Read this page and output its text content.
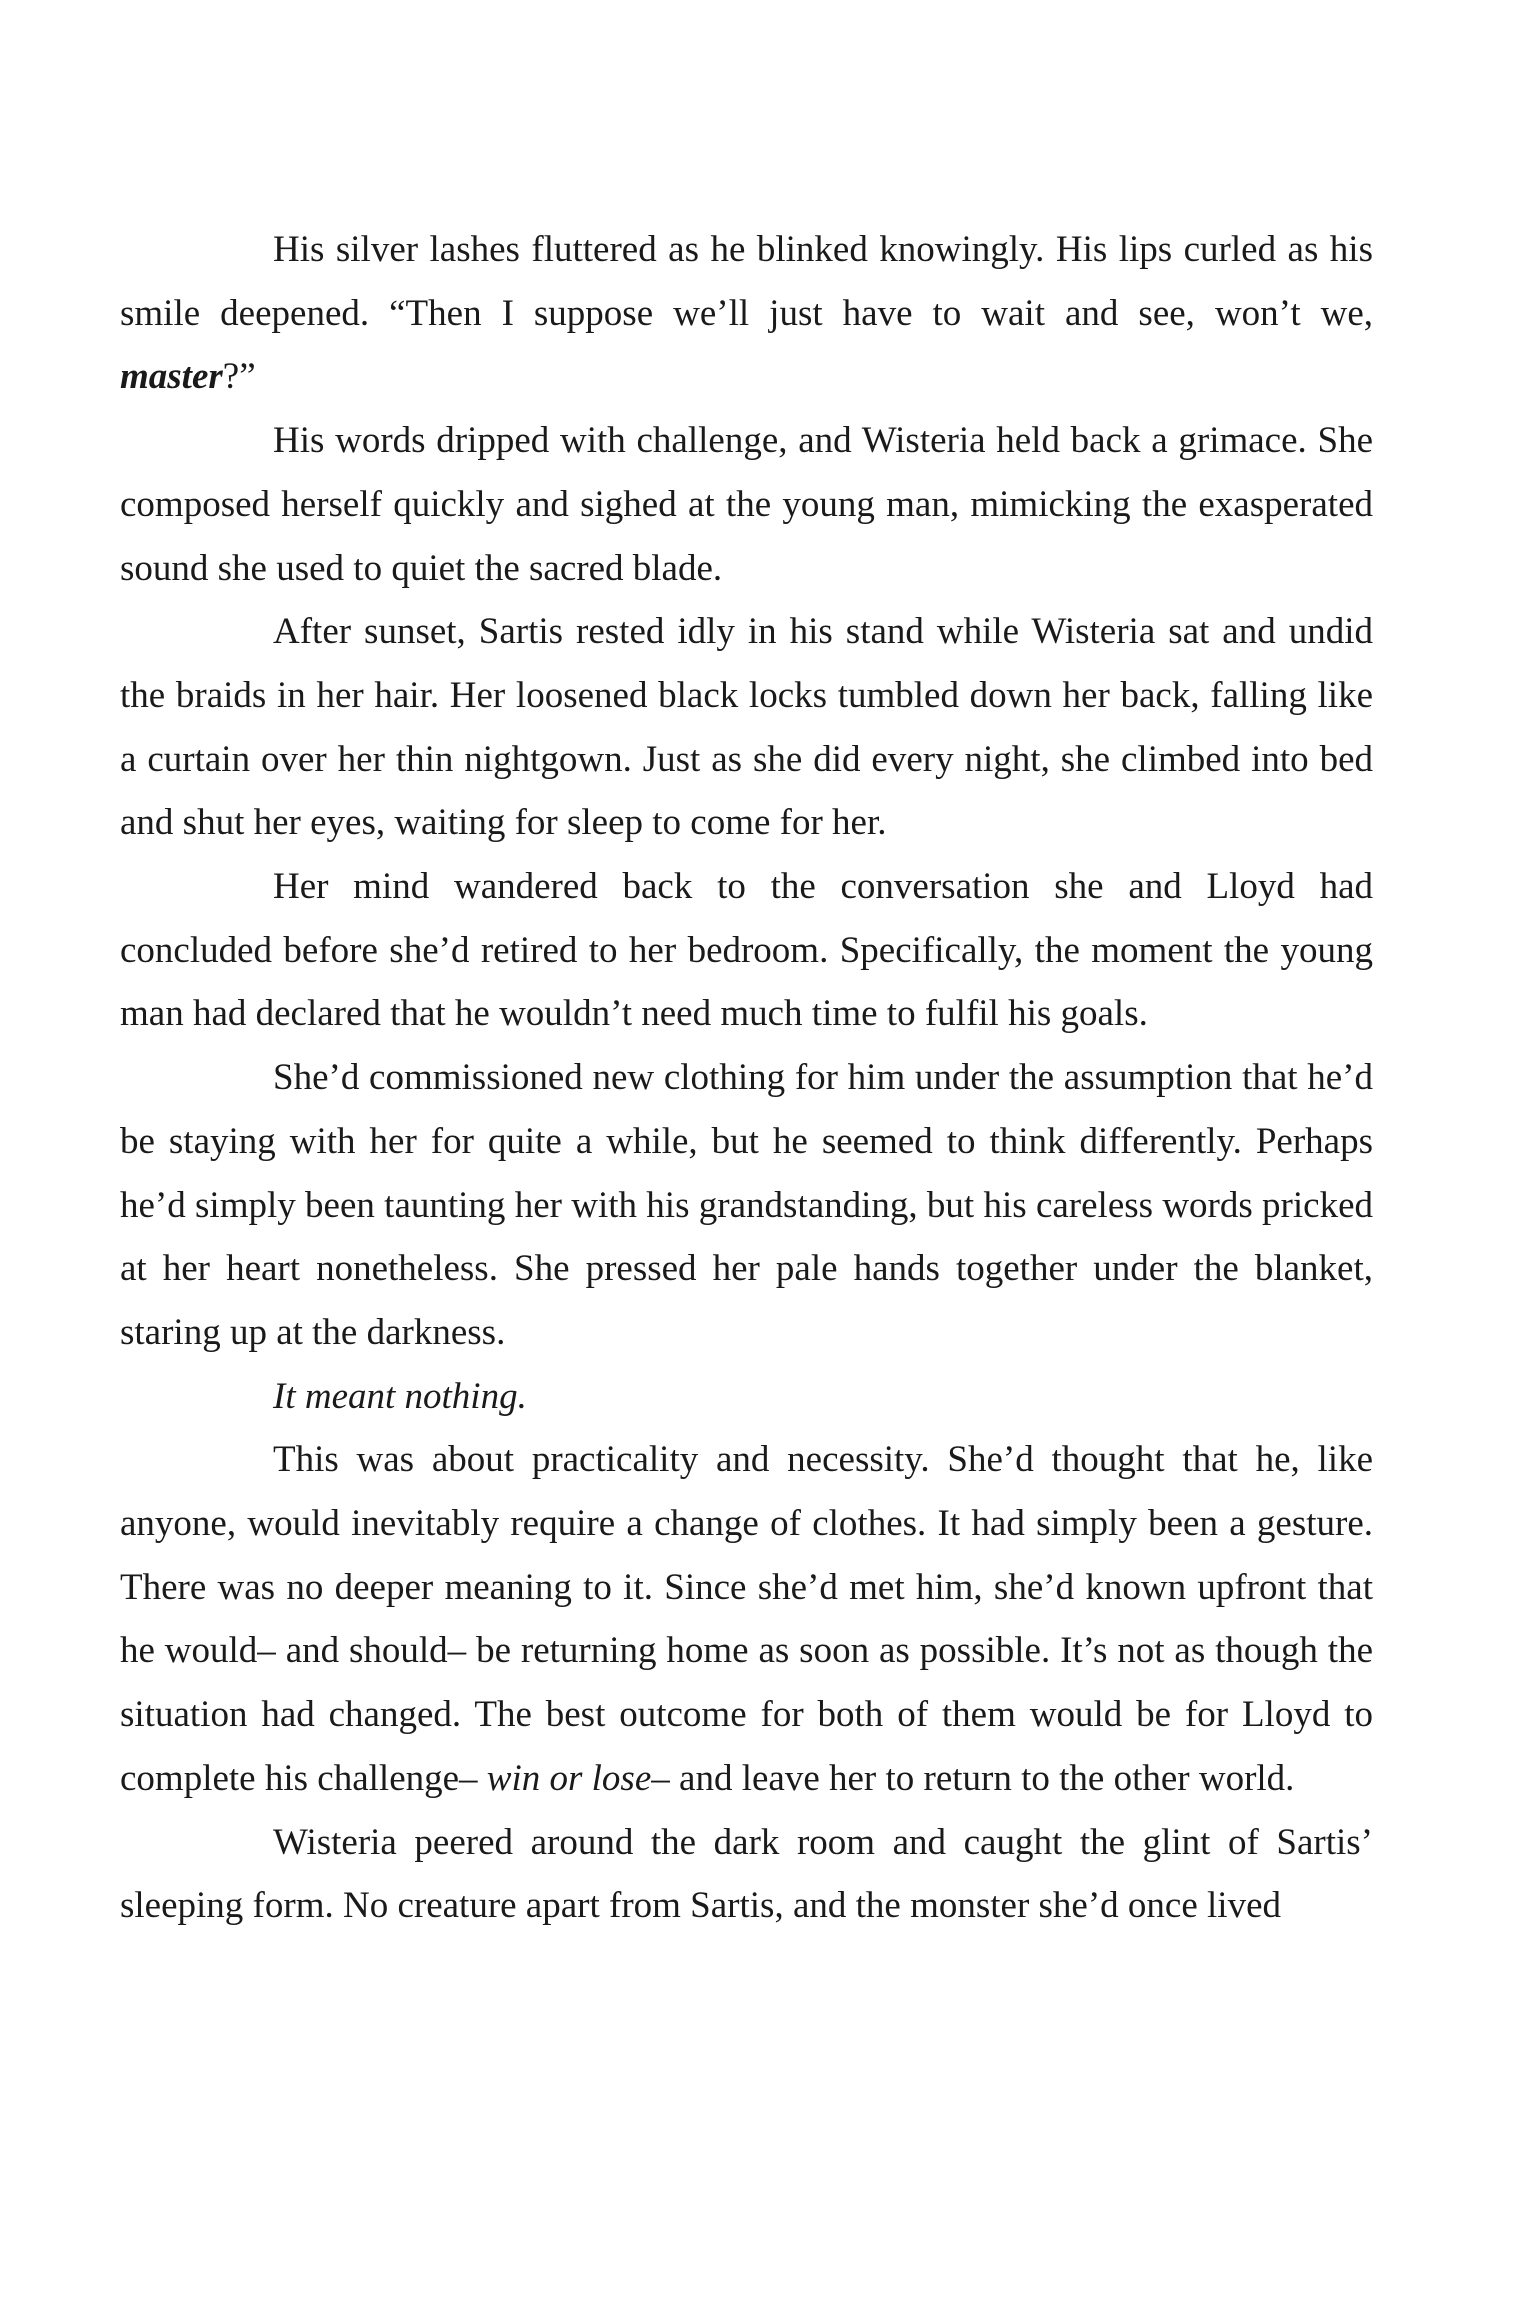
His silver lashes fluttered as he blinked knowingly. His lips curled as his smile deepened. “Then I suppose we’ll just have to wait and see, won’t we, master?”

His words dripped with challenge, and Wisteria held back a grimace. She composed herself quickly and sighed at the young man, mimicking the exasperated sound she used to quiet the sacred blade.

After sunset, Sartis rested idly in his stand while Wisteria sat and undid the braids in her hair. Her loosened black locks tumbled down her back, falling like a curtain over her thin nightgown. Just as she did every night, she climbed into bed and shut her eyes, waiting for sleep to come for her.

Her mind wandered back to the conversation she and Lloyd had concluded before she’d retired to her bedroom. Specifically, the moment the young man had declared that he wouldn’t need much time to fulfil his goals.

She’d commissioned new clothing for him under the assumption that he’d be staying with her for quite a while, but he seemed to think differently. Perhaps he’d simply been taunting her with his grandstanding, but his careless words pricked at her heart nonetheless. She pressed her pale hands together under the blanket, staring up at the darkness.

It meant nothing.

This was about practicality and necessity. She’d thought that he, like anyone, would inevitably require a change of clothes. It had simply been a gesture. There was no deeper meaning to it. Since she’d met him, she’d known upfront that he would– and should– be returning home as soon as possible. It’s not as though the situation had changed. The best outcome for both of them would be for Lloyd to complete his challenge– win or lose– and leave her to return to the other world.

Wisteria peered around the dark room and caught the glint of Sartis’ sleeping form. No creature apart from Sartis, and the monster she’d once lived
